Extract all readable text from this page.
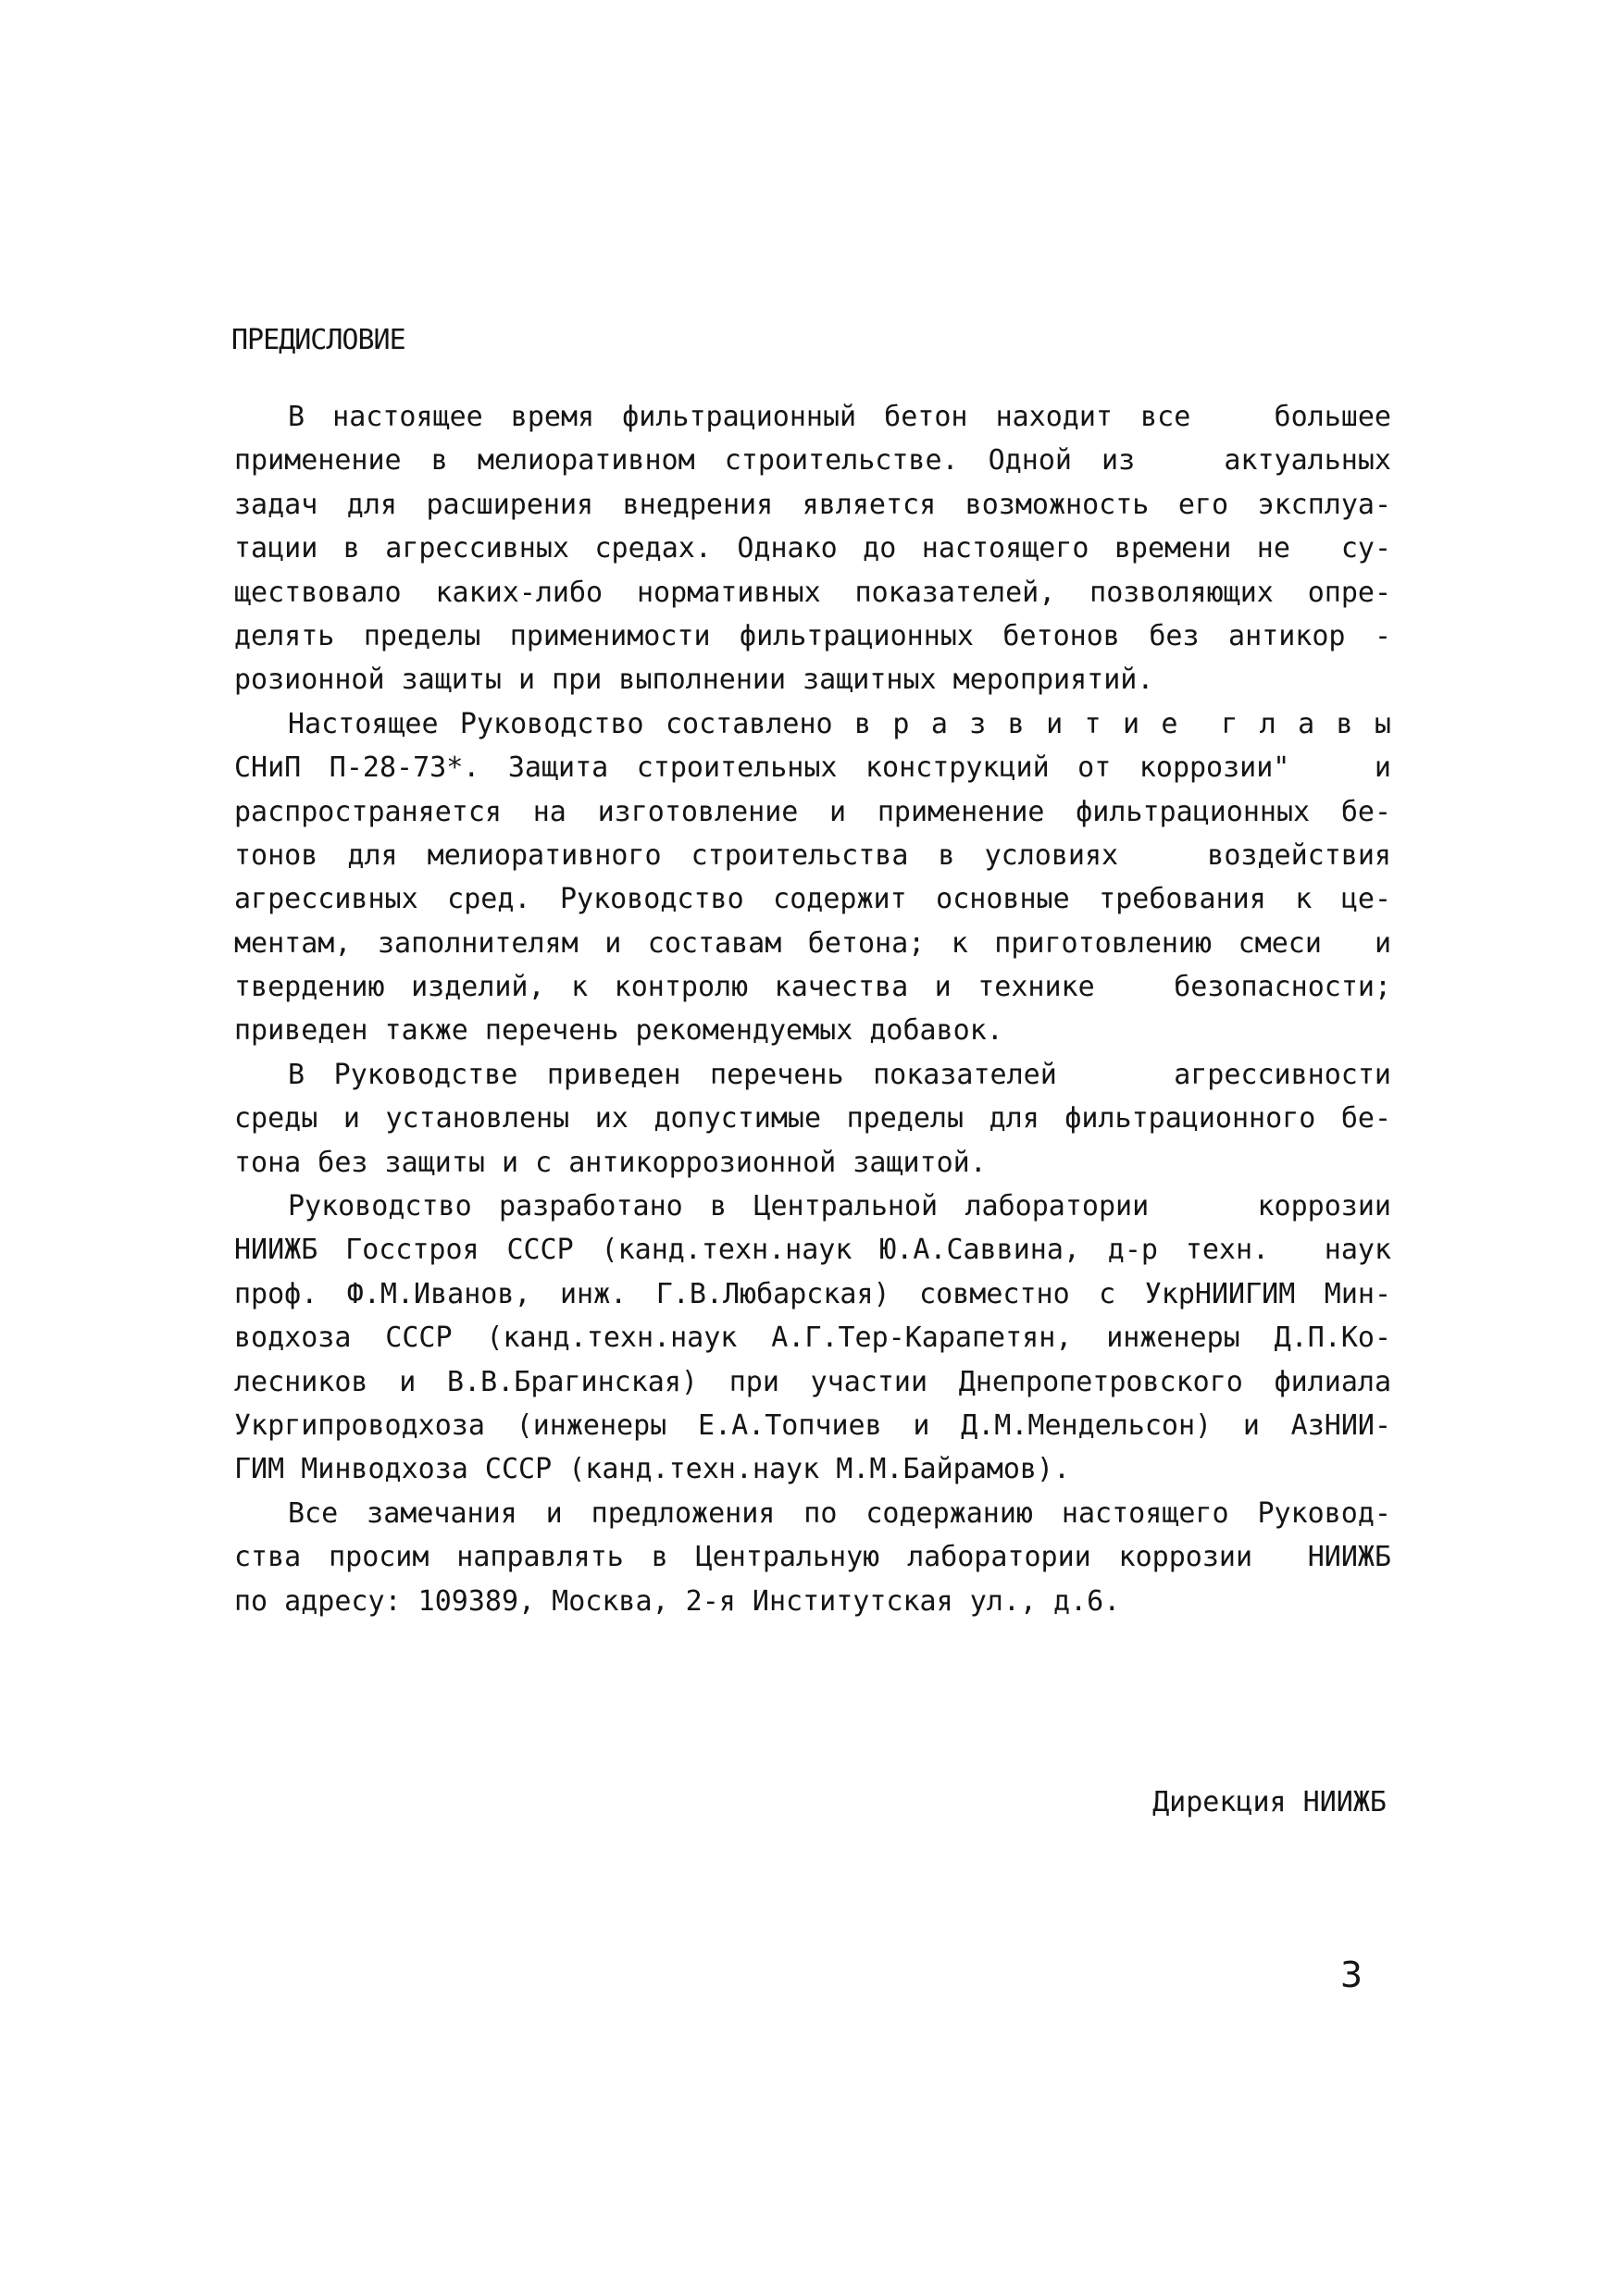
ПРЕДИСЛОВИЕ
В настоящее время фильтрационный бетон находит все   большее
применение в мелиоративном строительстве. Одной из   актуальных
задач для расширения внедрения является возможность его эксплуа-
тации в агрессивных средах. Однако до настоящего времени не  су-
ществовало каких-либо нормативных показателей, позволяющих опре-
делять пределы применимости фильтрационных бетонов без антикор -
розионной защиты и при выполнении защитных мероприятий.
Настоящее Руководство составлено в р а з в и т и е  г л а в ы
СНиП П-28-73*. Защита строительных конструкций от коррозии"   и
распространяется на изготовление и применение фильтрационных бе-
тонов для мелиоративного строительства в условиях   воздействия
агрессивных сред. Руководство содержит основные требования к це-
ментам, заполнителям и составам бетона; к приготовлению смеси  и
твердению изделий, к контролю качества и технике   безопасности;
приведен также перечень рекомендуемых добавок.
В Руководстве приведен перечень показателей    агрессивности
среды и установлены их допустимые пределы для фильтрационного бе-
тона без защиты и с антикоррозионной защитой.
Руководство разработано в Центральной лаборатории    коррозии
НИИЖБ Госстроя СССР (канд.техн.наук Ю.А.Саввина, д-р техн.  наук
проф. Ф.М.Иванов, инж. Г.В.Любарская) совместно с УкрНИИГИМ Мин-
водхоза СССР (канд.техн.наук А.Г.Тер-Карапетян, инженеры Д.П.Ко-
лесников и В.В.Брагинская) при участии Днепропетровского филиала
Укргипроводхоза (инженеры Е.А.Топчиев и Д.М.Мендельсон) и АзНИИ-
ГИМ Минводхоза СССР (канд.техн.наук М.М.Байрамов).
Все замечания и предложения по содержанию настоящего Руковод-
ства просим направлять в Центральную лаборатории коррозии  НИИЖБ
по адресу: 109389, Москва, 2-я Институтская ул., д.6.
Дирекция НИИЖБ
3
